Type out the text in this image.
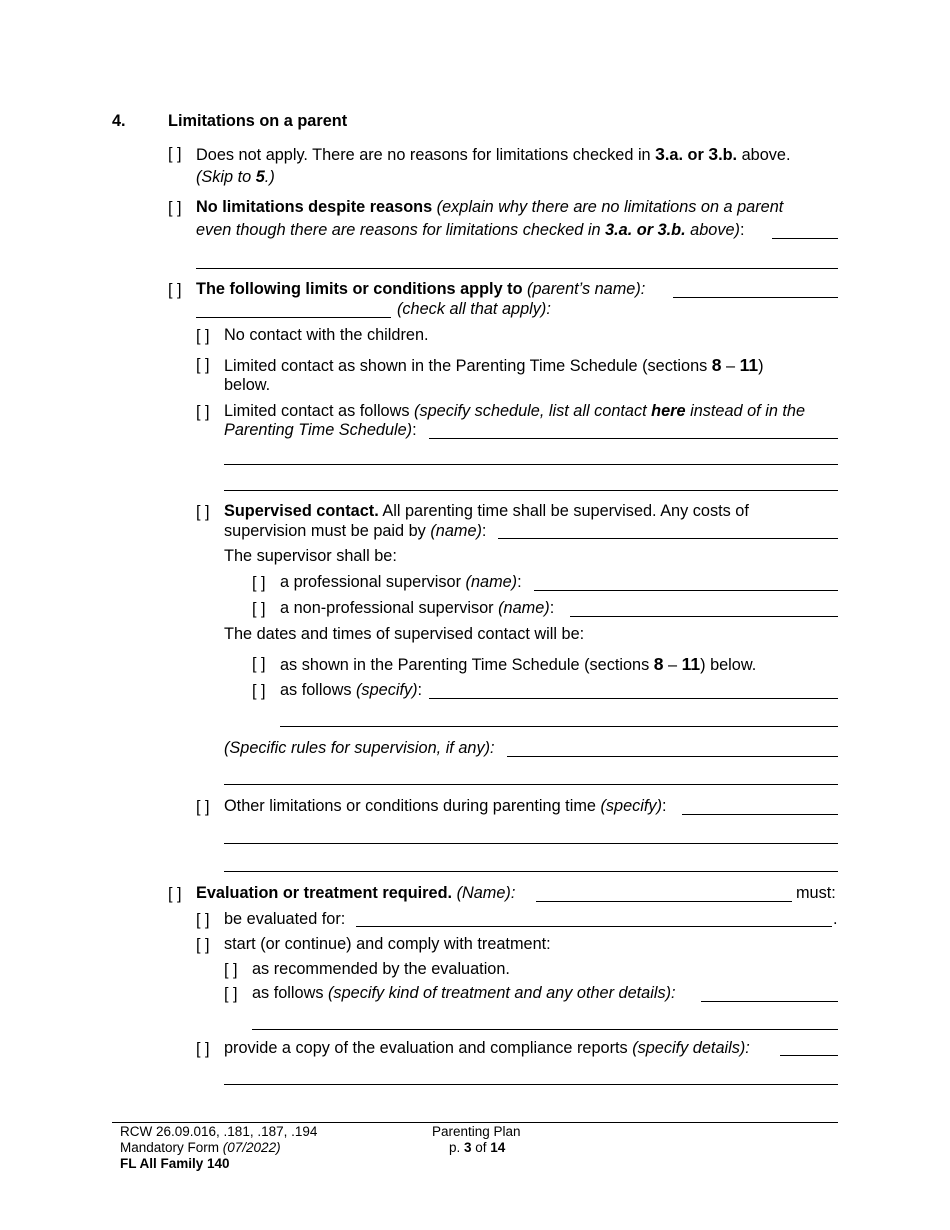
4.	Limitations on a parent
[ ] Does not apply. There are no reasons for limitations checked in 3.a. or 3.b. above.
(Skip to 5.)
[ ] No limitations despite reasons (explain why there are no limitations on a parent
even though there are reasons for limitations checked in 3.a. or 3.b. above):
[ ] The following limits or conditions apply to (parent’s name):
(check all that apply):
[ ] No contact with the children.
[ ] Limited contact as shown in the Parenting Time Schedule (sections 8 – 11)
below.
[ ] Limited contact as follows (specify schedule, list all contact here instead of in the
Parenting Time Schedule):
[ ] Supervised contact. All parenting time shall be supervised. Any costs of
supervision must be paid by (name):
The supervisor shall be:
[ ] a professional supervisor (name):
[ ] a non-professional supervisor (name):
The dates and times of supervised contact will be:
[ ] as shown in the Parenting Time Schedule (sections 8 – 11) below.
[ ] as follows (specify):
(Specific rules for supervision, if any):
[ ] Other limitations or conditions during parenting time (specify):
[ ] Evaluation or treatment required. (Name):	must:
[ ] be evaluated for:	.
[ ] start (or continue) and comply with treatment:
[ ] as recommended by the evaluation.
[ ] as follows (specify kind of treatment and any other details):
[ ] provide a copy of the evaluation and compliance reports (specify details):
RCW 26.09.016, .181, .187, .194
Mandatory Form (07/2022)
FL All Family 140
Parenting Plan
p. 3 of 14
